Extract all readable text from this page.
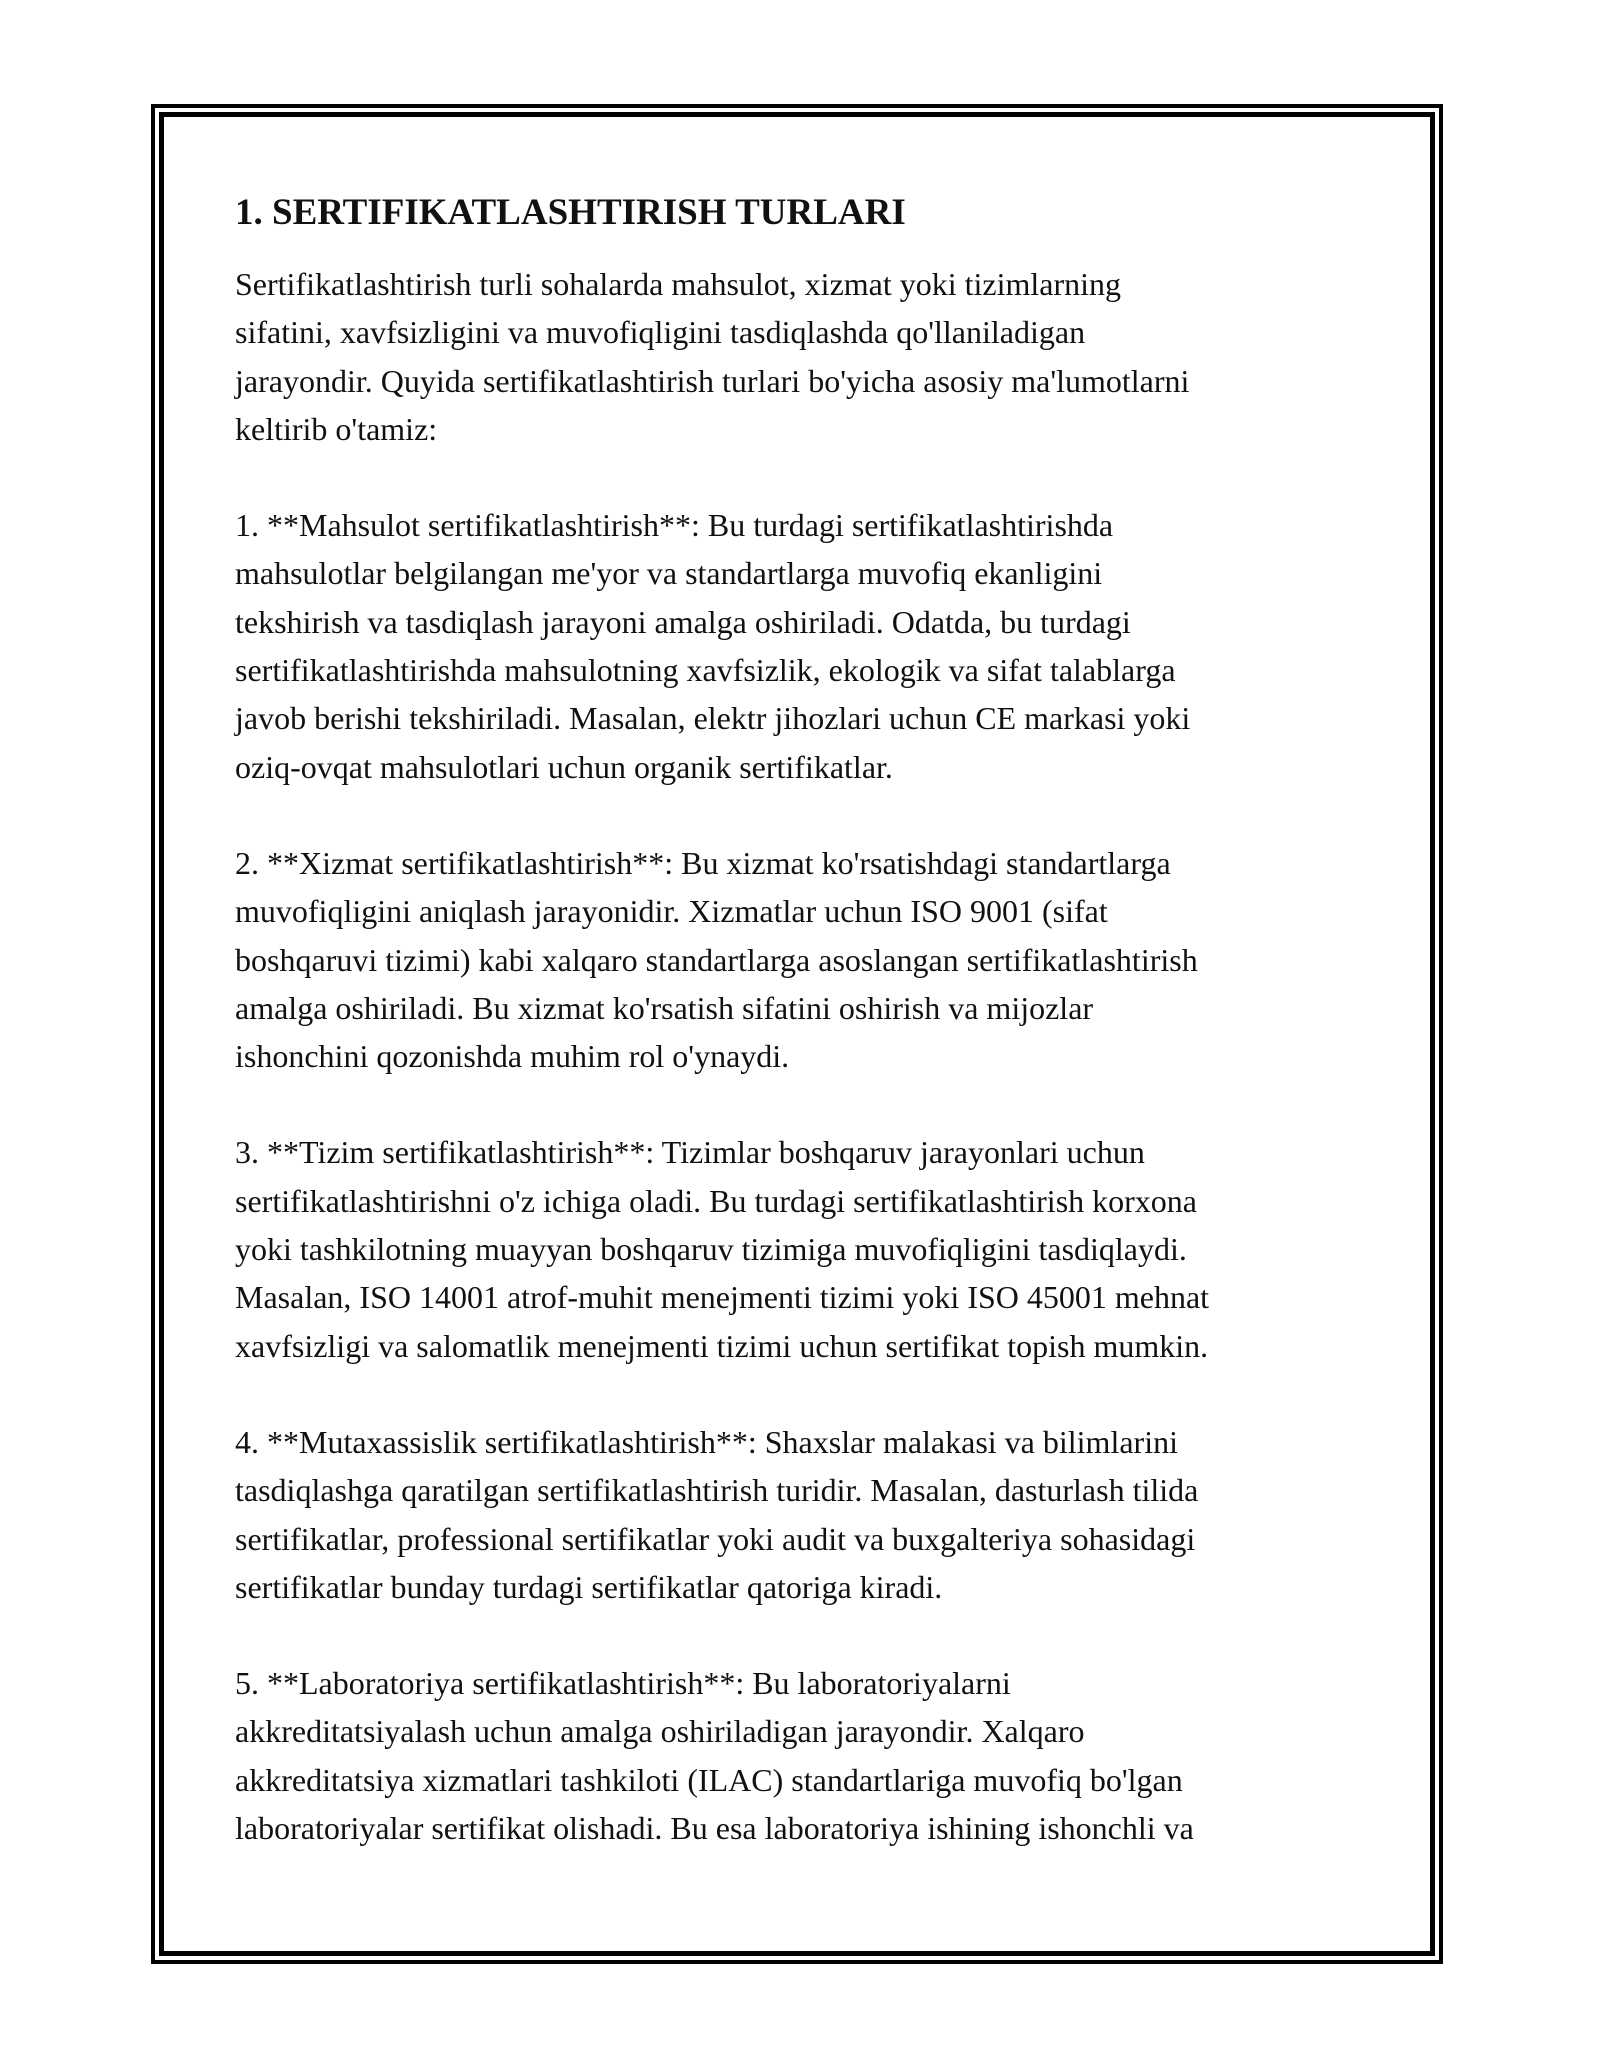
1. SERTIFIKATLASHTIRISH TURLARI

Sertifikatlashtirish turli sohalarda mahsulot, xizmat yoki tizimlarning
sifatini, xavfsizligini va muvofiqligini tasdiqlashda qo'llaniladigan
jarayondir. Quyida sertifikatlashtirish turlari bo'yicha asosiy ma'lumotlarni
keltirib o'tamiz:

1. **Mahsulot sertifikatlashtirish**: Bu turdagi sertifikatlashtirishda
mahsulotlar belgilangan me'yor va standartlarga muvofiq ekanligini
tekshirish va tasdiqlash jarayoni amalga oshiriladi. Odatda, bu turdagi
sertifikatlashtirishda mahsulotning xavfsizlik, ekologik va sifat talablarga
javob berishi tekshiriladi. Masalan, elektr jihozlari uchun CE markasi yoki
oziq-ovqat mahsulotlari uchun organik sertifikatlar.

2. **Xizmat sertifikatlashtirish**: Bu xizmat ko'rsatishdagi standartlarga
muvofiqligini aniqlash jarayonidir. Xizmatlar uchun ISO 9001 (sifat
boshqaruvi tizimi) kabi xalqaro standartlarga asoslangan sertifikatlashtirish
amalga oshiriladi. Bu xizmat ko'rsatish sifatini oshirish va mijozlar
ishonchini qozonishda muhim rol o'ynaydi.

3. **Tizim sertifikatlashtirish**: Tizimlar boshqaruv jarayonlari uchun
sertifikatlashtirishni o'z ichiga oladi. Bu turdagi sertifikatlashtirish korxona
yoki tashkilotning muayyan boshqaruv tizimiga muvofiqligini tasdiqlaydi.
Masalan, ISO 14001 atrof-muhit menejmenti tizimi yoki ISO 45001 mehnat
xavfsizligi va salomatlik menejmenti tizimi uchun sertifikat topish mumkin.

4. **Mutaxassislik sertifikatlashtirish**: Shaxslar malakasi va bilimlarini
tasdiqlashga qaratilgan sertifikatlashtirish turidir. Masalan, dasturlash tilida
sertifikatlar, professional sertifikatlar yoki audit va buxgalteriya sohasidagi
sertifikatlar bunday turdagi sertifikatlar qatoriga kiradi.

5. **Laboratoriya sertifikatlashtirish**: Bu laboratoriyalarni
akkreditatsiyalash uchun amalga oshiriladigan jarayondir. Xalqaro
akkreditatsiya xizmatlari tashkiloti (ILAC) standartlariga muvofiq bo'lgan
laboratoriyalar sertifikat olishadi. Bu esa laboratoriya ishining ishonchli va
